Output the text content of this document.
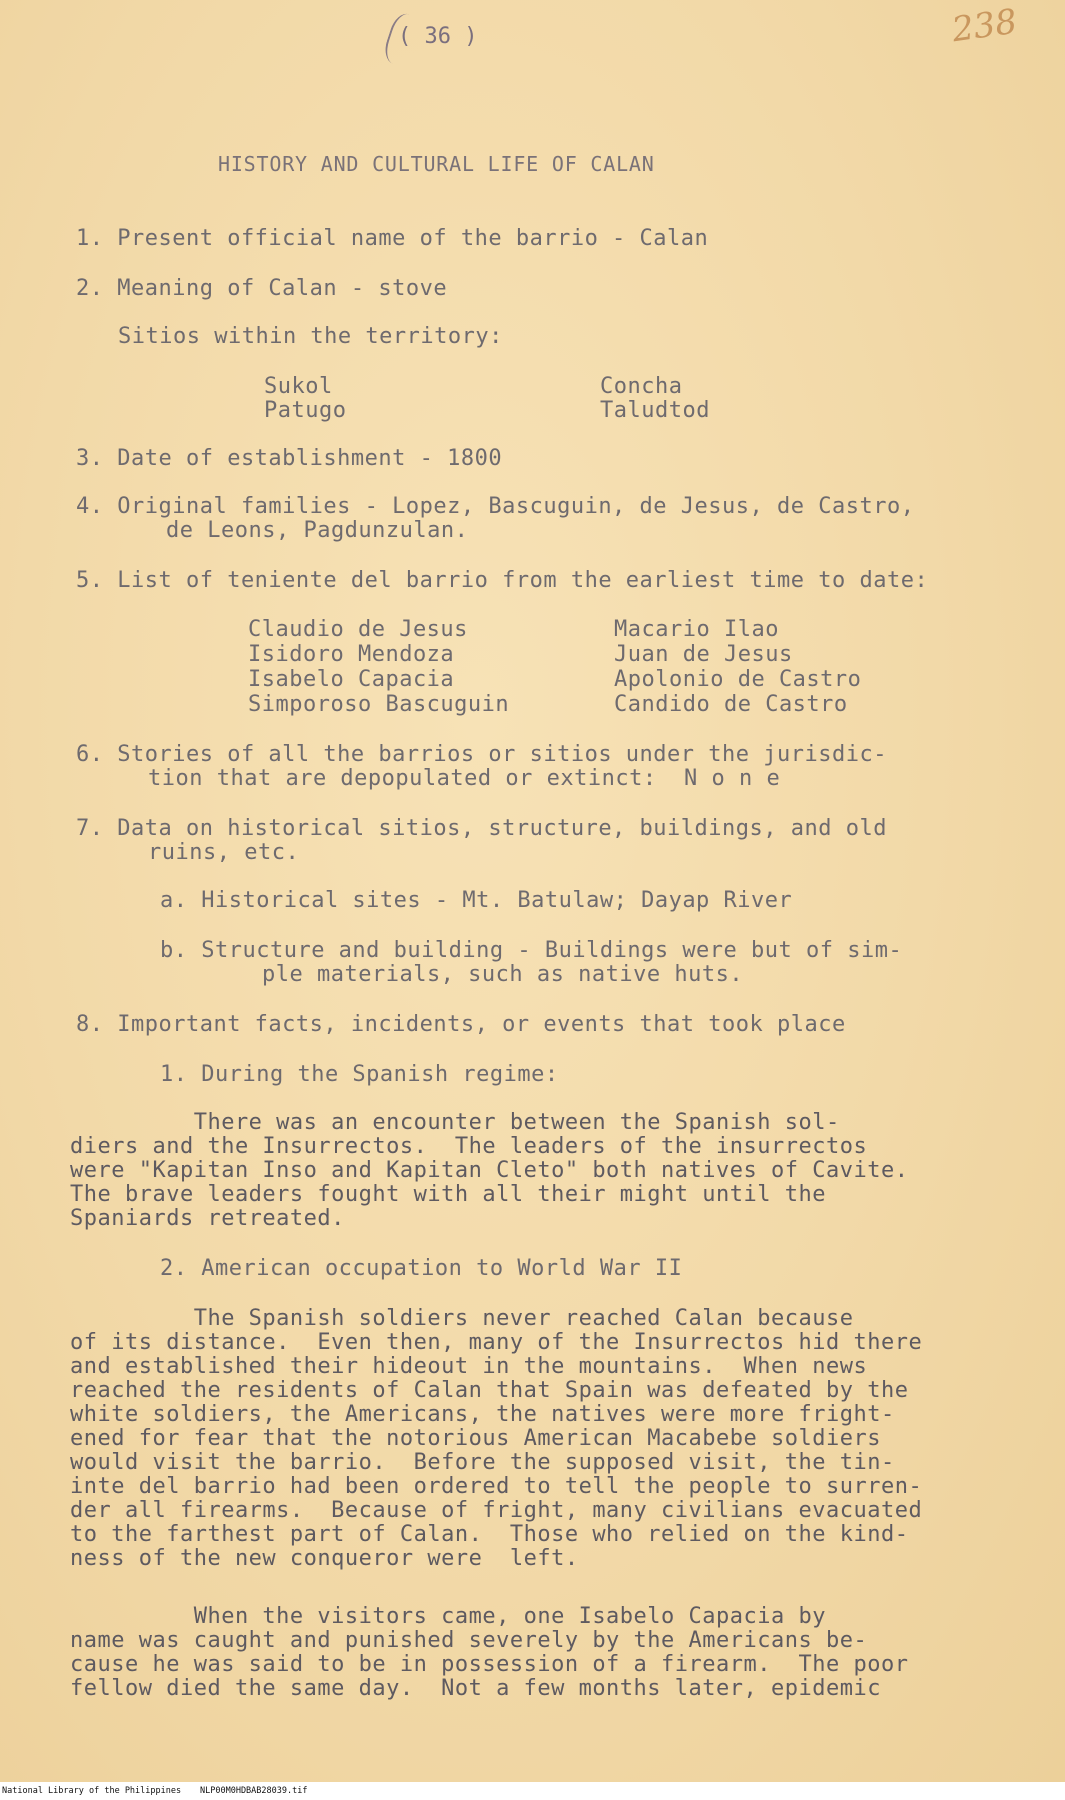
( 36 )	238
HISTORY AND CULTURAL LIFE OF CALAN
1. Present official name of the barrio - Calan
2. Meaning of Calan - stove
Sitios within the territory:
Sukol	Concha
Patugo	Taludtod
3. Date of establishment - 1800
4. Original families - Lopez, Bascuguin, de Jesus, de Castro,
de Leons, Pagdunzulan.
5. List of teniente del barrio from the earliest time to date:
Claudio de Jesus	Macario Ilao
Isidoro Mendoza	Juan de Jesus
Isabelo Capacia	Apolonio de Castro
Simporoso Bascuguin	Candido de Castro
6. Stories of all the barrios or sitios under the jurisdic-
tion that are depopulated or extinct:  N o n e
7. Data on historical sitios, structure, buildings, and old
ruins, etc.
a. Historical sites - Mt. Batulaw; Dayap River
b. Structure and building - Buildings were but of sim-
ple materials, such as native huts.
8. Important facts, incidents, or events that took place
1. During the Spanish regime:
There was an encounter between the Spanish sol-
diers and the Insurrectos.  The leaders of the insurrectos
were "Kapitan Inso and Kapitan Cleto" both natives of Cavite.
The brave leaders fought with all their might until the
Spaniards retreated.
2. American occupation to World War II
The Spanish soldiers never reached Calan because
of its distance.  Even then, many of the Insurrectos hid there
and established their hideout in the mountains.  When news
reached the residents of Calan that Spain was defeated by the
white soldiers, the Americans, the natives were more fright-
ened for fear that the notorious American Macabebe soldiers
would visit the barrio.  Before the supposed visit, the tin-
inte del barrio had been ordered to tell the people to surren-
der all firearms.  Because of fright, many civilians evacuated
to the farthest part of Calan.  Those who relied on the kind-
ness of the new conqueror were  left.
When the visitors came, one Isabelo Capacia by
name was caught and punished severely by the Americans be-
cause he was said to be in possession of a firearm.  The poor
fellow died the same day.  Not a few months later, epidemic
National Library of the Philippines NLP00M0HDBAB28039.tif
